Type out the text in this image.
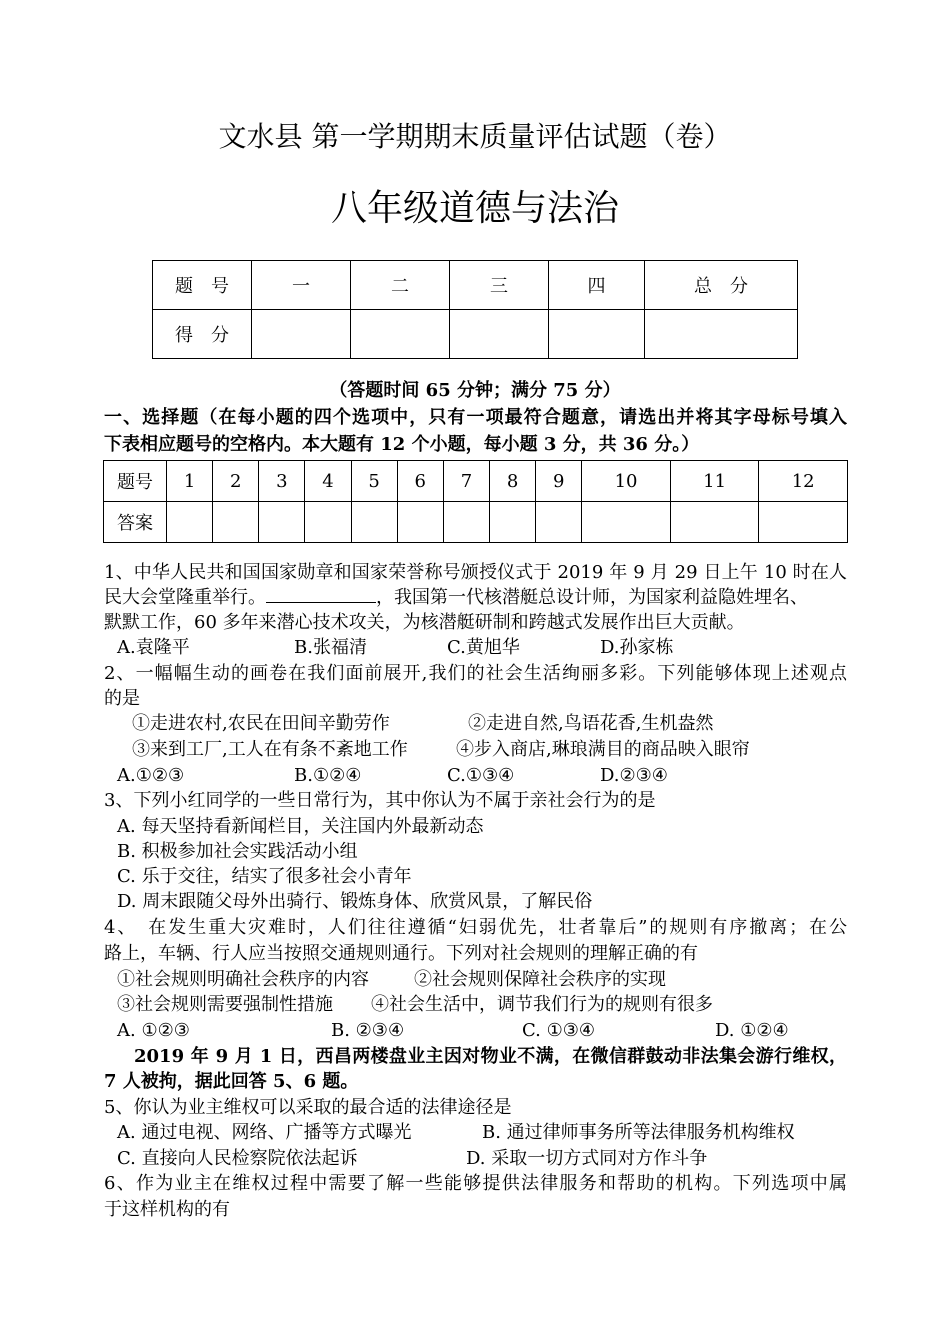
文水县 第一学期期末质量评估试题（卷）
八年级道德与法治
题　号	一	二	三	四	总　分
得　分					
（答题时间 65 分钟；满分 75 分）
一、选择题（在每小题的四个选项中，只有一项最符合题意，请选出并将其字母标号填入
下表相应题号的空格内。本大题有 12 个小题，每小题 3 分，共 36 分。）
题号	1	2	3	4	5	6	7	8	9	10	11	12
答案												
1、中华人民共和国国家勋章和国家荣誉称号颁授仪式于 2019 年 9 月 29 日上午 10 时在人
民大会堂隆重举行。	，我国第一代核潜艇总设计师，为国家利益隐姓埋名、
默默工作，60 多年来潜心技术攻关，为核潜艇研制和跨越式发展作出巨大贡献。
A.袁隆平	B.张福清	C.黄旭华	D.孙家栋
2、一幅幅生动的画卷在我们面前展开,我们的社会生活绚丽多彩。下列能够体现上述观点
的是
①走进农村,农民在田间辛勤劳作	②走进自然,鸟语花香,生机盎然
③来到工厂,工人在有条不紊地工作	④步入商店,琳琅满目的商品映入眼帘
A.①②③	B.①②④	C.①③④	D.②③④
3、下列小红同学的一些日常行为，其中你认为不属于亲社会行为的是
A. 每天坚持看新闻栏目，关注国内外最新动态
B. 积极参加社会实践活动小组
C. 乐于交往，结实了很多社会小青年
D. 周末跟随父母外出骑行、锻炼身体、欣赏风景，了解民俗
4、　在发生重大灾难时，人们往往遵循“妇弱优先，壮者靠后”的规则有序撤离；在公
路上，车辆、行人应当按照交通规则通行。下列对社会规则的理解正确的有
①社会规则明确社会秩序的内容	②社会规则保障社会秩序的实现
③社会规则需要强制性措施 ④社会生活中，调节我们行为的规则有很多
A. ①②③	B. ②③④	C. ①③④	D. ①②④
2019 年 9 月 1 日，西昌两楼盘业主因对物业不满，在微信群鼓动非法集会游行维权，
7 人被拘，据此回答 5、6 题。
5、你认为业主维权可以采取的最合适的法律途径是
A. 通过电视、网络、广播等方式曝光	B. 通过律师事务所等法律服务机构维权
C. 直接向人民检察院依法起诉	D. 采取一切方式同对方作斗争
6、作为业主在维权过程中需要了解一些能够提供法律服务和帮助的机构。下列选项中属
于这样机构的有
